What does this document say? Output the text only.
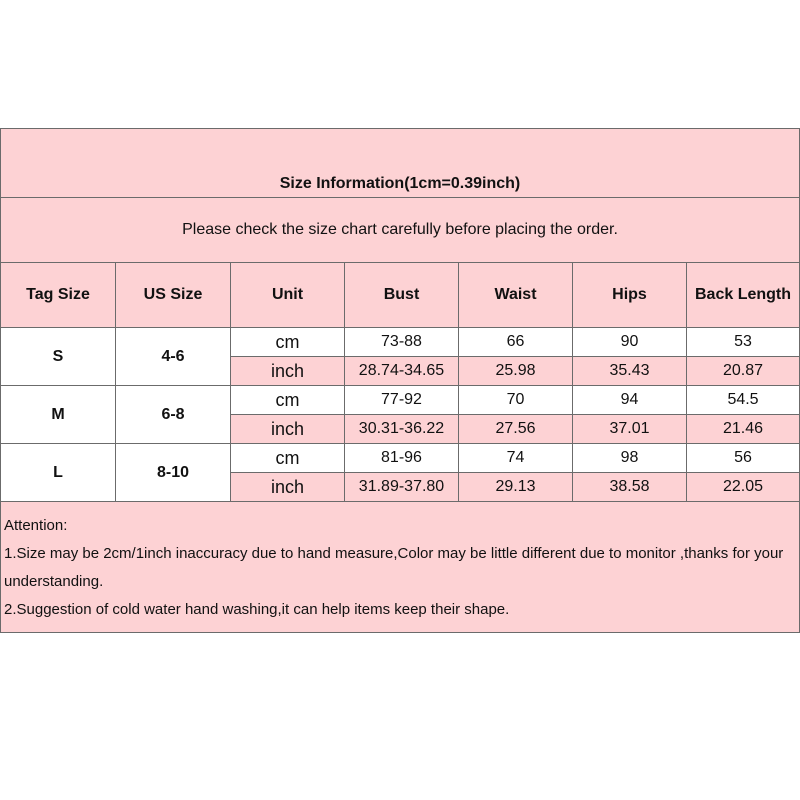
Size Information(1cm=0.39inch)						
Please check the size chart carefully before placing the order.						
Tag Size	US Size	Unit	Bust	Waist	Hips	Back Length
S	4-6	cm	73-88	66	90	53
		inch	28.74-34.65	25.98	35.43	20.87
M	6-8	cm	77-92	70	94	54.5
		inch	30.31-36.22	27.56	37.01	21.46
L	8-10	cm	81-96	74	98	56
		inch	31.89-37.80	29.13	38.58	22.05

Attention:

1.Size may be 2cm/1inch inaccuracy due to hand measure,Color may be little different due to monitor ,thanks for your understanding.

2.Suggestion of cold water hand washing,it can help items keep their shape.						
